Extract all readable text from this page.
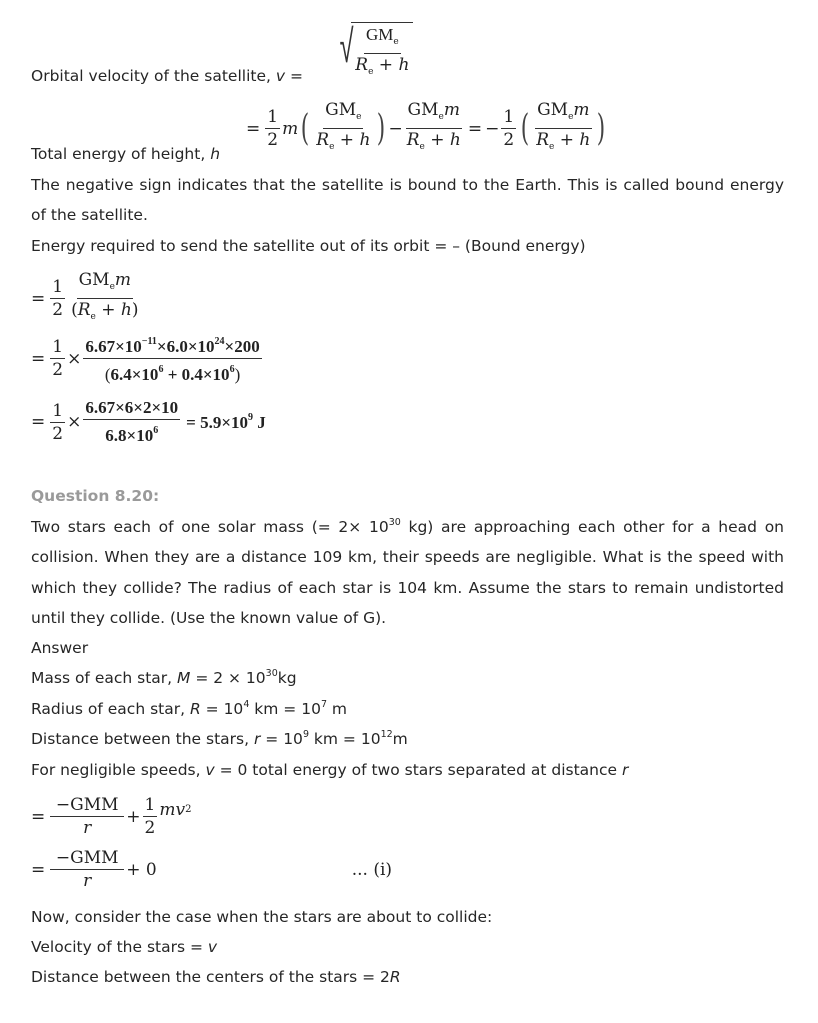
Orbital velocity of the satellite, v =
√ $\frac{GM_e}{R_e + h}$
Total energy of height, h
= $\frac{1}{2}$ m ( $\frac{GM_e}{R_e + h}$ ) − $\frac{GM_em}{R_e + h}$ = − $\frac{1}{2}$ ( $\frac{GM_em}{R_e + h}$ )
The negative sign indicates that the satellite is bound to the Earth. This is called bound energy of the satellite.
Energy required to send the satellite out of its orbit = – (Bound energy)
= $\frac{1}{2} \frac{GM_em}{(R_e + h)}$
= $\frac{1}{2} \times \frac{6.67\times 10^{-11}\times 6.0\times 10^{24}\times 200}{(6.4\times 10^6 + 0.4\times 10^6)}$
= $\frac{1}{2} \times \frac{6.67\times 6\times 2\times 10}{6.8\times 10^6} = 5.9\times 10^9$ J
Question 8.20:
Two stars each of one solar mass (= $2\times 10^{30}$ kg) are approaching each other for a head on collision. When they are a distance 109 km, their speeds are negligible. What is the speed with which they collide? The radius of each star is 104 km. Assume the stars to remain undistorted until they collide. (Use the known value of G).
Answer
Mass of each star, $M = 2 \times 10^{30}kg$
Radius of each star, $R = 10^4$ km = $10^7$ m
Distance between the stars, $r = 10^9$ km = $10^{12}m$
For negligible speeds, v = 0 total energy of two stars separated at distance r
= $\frac{\text{−GMM}}{r} + \frac{1}{2}$ mv 2
= $\frac{\text{−GMM}}{r} + 0$	... (i)
Now, consider the case when the stars are about to collide:
Velocity of the stars = v
Distance between the centers of the stars = 2R
